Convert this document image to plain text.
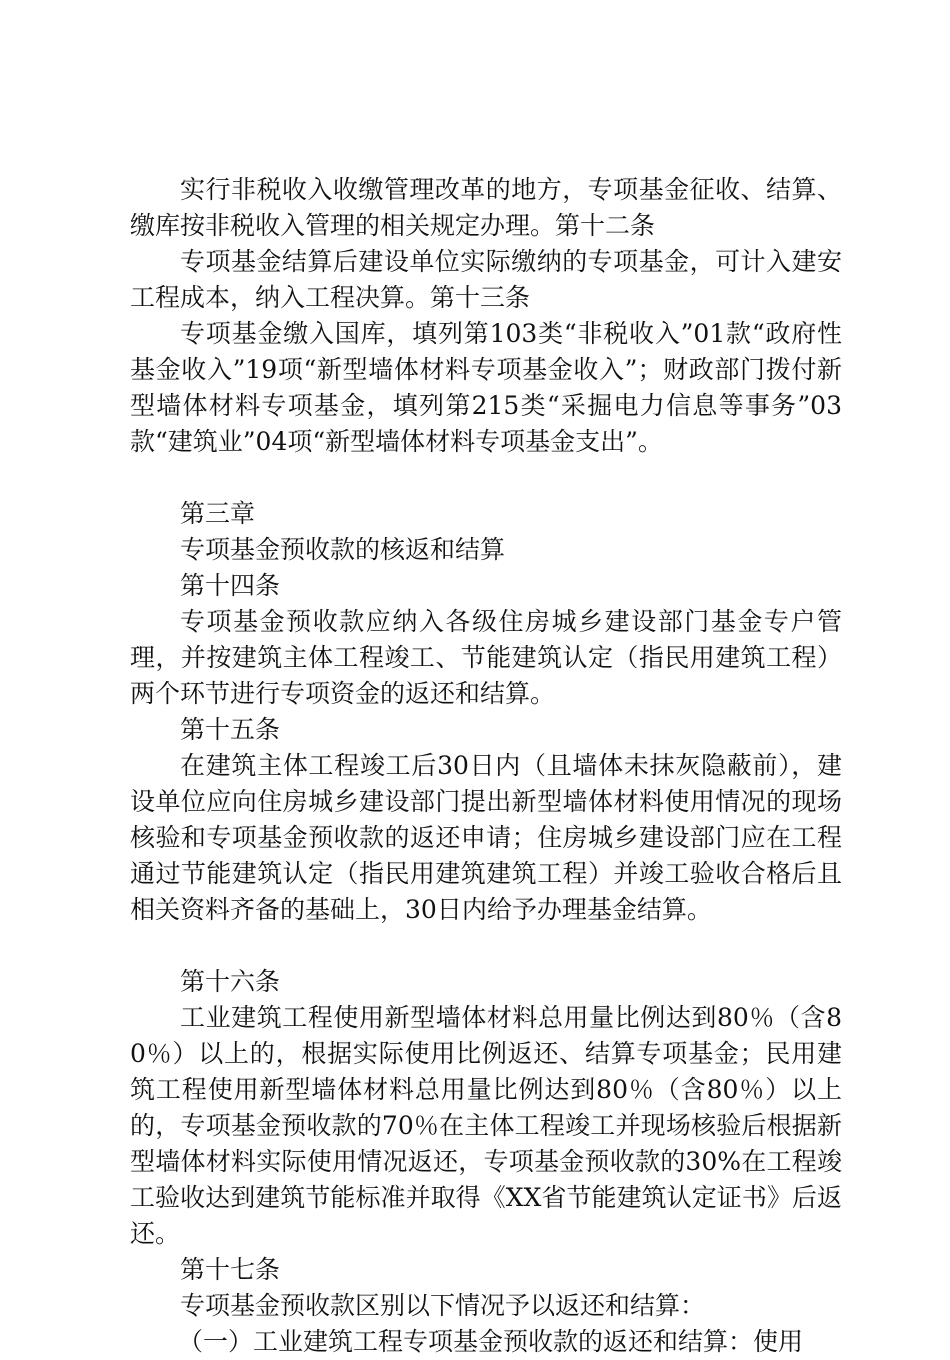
实行非税收入收缴管理改革的地方，专项基金征收、结算、缴库按非税收入管理的相关规定办理。第十二条

专项基金结算后建设单位实际缴纳的专项基金，可计入建安工程成本，纳入工程决算。第十三条

专项基金缴入国库，填列第103类“非税收入”01款“政府性基金收入”19项“新型墙体材料专项基金收入”；财政部门拨付新型墙体材料专项基金，填列第215类“采掘电力信息等事务”03款“建筑业”04项“新型墙体材料专项基金支出”。

第三章

专项基金预收款的核返和结算

第十四条

专项基金预收款应纳入各级住房城乡建设部门基金专户管理，并按建筑主体工程竣工、节能建筑认定（指民用建筑工程）两个环节进行专项资金的返还和结算。

第十五条

在建筑主体工程竣工后30日内（且墙体未抹灰隐蔽前），建设单位应向住房城乡建设部门提出新型墙体材料使用情况的现场核验和专项基金预收款的返还申请；住房城乡建设部门应在工程通过节能建筑认定（指民用建筑建筑工程）并竣工验收合格后且相关资料齐备的基础上，30日内给予办理基金结算。

第十六条

工业建筑工程使用新型墙体材料总用量比例达到80％（含80％）以上的，根据实际使用比例返还、结算专项基金；民用建筑工程使用新型墙体材料总用量比例达到80％（含80％）以上的，专项基金预收款的70％在主体工程竣工并现场核验后根据新型墙体材料实际使用情况返还，专项基金预收款的30%在工程竣工验收达到建筑节能标准并取得《XX省节能建筑认定证书》后返还。

第十七条

专项基金预收款区别以下情况予以返还和结算：

（一）工业建筑工程专项基金预收款的返还和结算：使用
